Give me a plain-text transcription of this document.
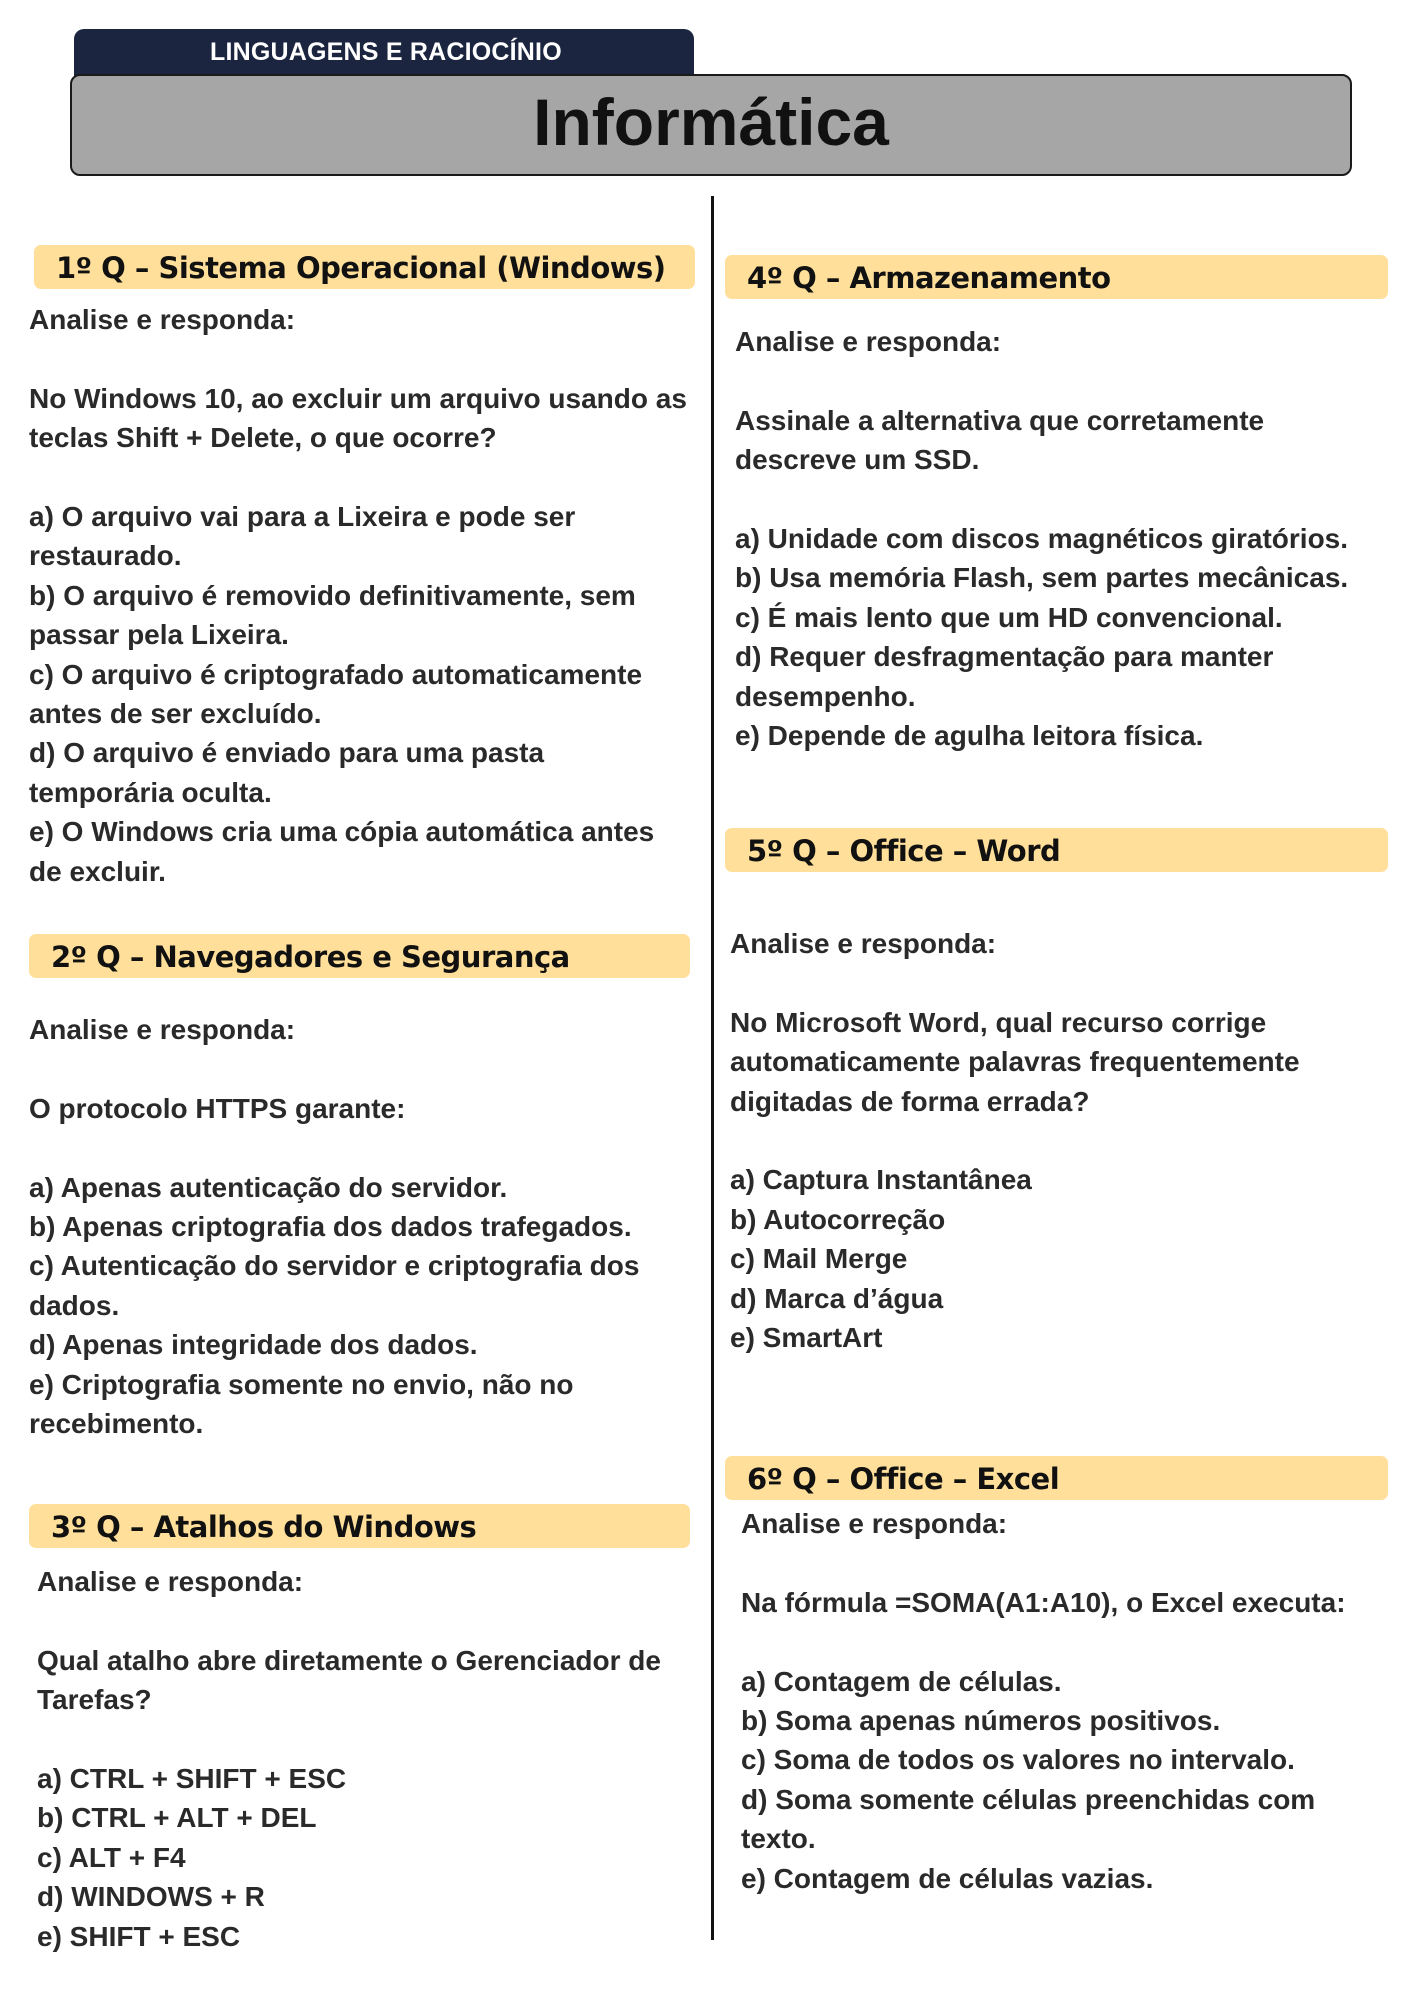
LINGUAGENS E RACIOCÍNIO
Informática
1º Q – Sistema Operacional (Windows)

Analise e responda:

No Windows 10, ao excluir um arquivo usando as teclas Shift + Delete, o que ocorre?

a) O arquivo vai para a Lixeira e pode ser restaurado.

b) O arquivo é removido definitivamente, sem passar pela Lixeira.

c) O arquivo é criptografado automaticamente antes de ser excluído.

d) O arquivo é enviado para uma pasta temporária oculta.

e) O Windows cria uma cópia automática antes de excluir.

2º Q – Navegadores e Segurança

Analise e responda:

O protocolo HTTPS garante:

a) Apenas autenticação do servidor.

b) Apenas criptografia dos dados trafegados.

c) Autenticação do servidor e criptografia dos dados.

d) Apenas integridade dos dados.

e) Criptografia somente no envio, não no recebimento.

3º Q – Atalhos do Windows

Analise e responda:

Qual atalho abre diretamente o Gerenciador de Tarefas?

a) CTRL + SHIFT + ESC

b) CTRL + ALT + DEL

c) ALT + F4

d) WINDOWS + R

e) SHIFT + ESC

4º Q – Armazenamento

Analise e responda:

Assinale a alternativa que corretamente descreve um SSD.

a) Unidade com discos magnéticos giratórios.

b) Usa memória Flash, sem partes mecânicas.

c) É mais lento que um HD convencional.

d) Requer desfragmentação para manter desempenho.

e) Depende de agulha leitora física.

5º Q – Office – Word

Analise e responda:

No Microsoft Word, qual recurso corrige automaticamente palavras frequentemente digitadas de forma errada?

a) Captura Instantânea

b) Autocorreção

c) Mail Merge

d) Marca d’água

e) SmartArt

6º Q – Office – Excel

Analise e responda:

Na fórmula =SOMA(A1:A10), o Excel executa:

a) Contagem de células.

b) Soma apenas números positivos.

c) Soma de todos os valores no intervalo.

d) Soma somente células preenchidas com texto.

e) Contagem de células vazias.
